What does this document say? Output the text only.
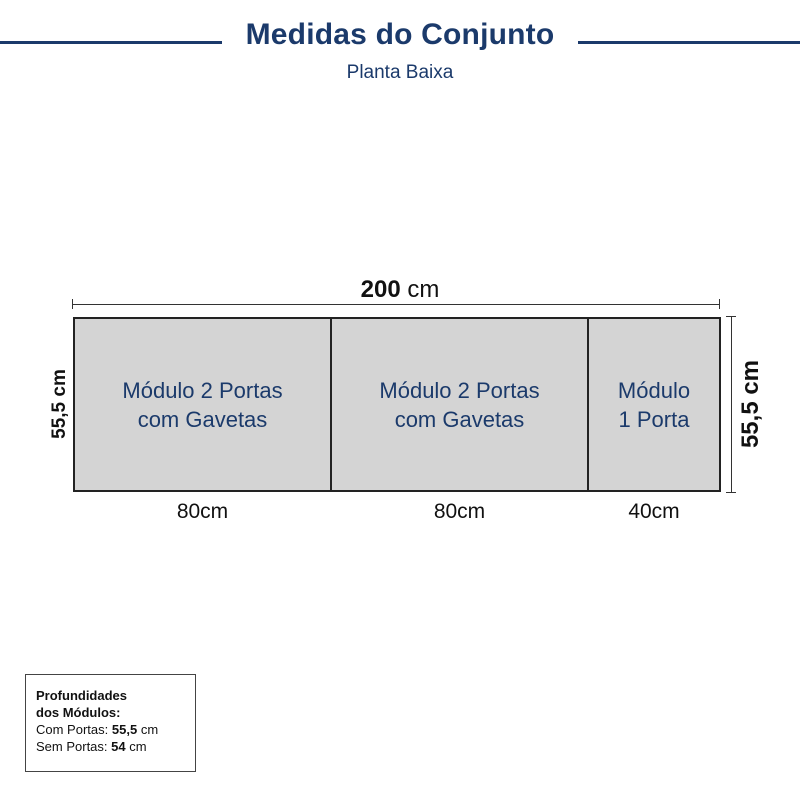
Medidas do Conjunto
Planta Baixa
200 cm
Módulo 2 Portas
com Gavetas
Módulo 2 Portas
com Gavetas
Módulo
1 Porta
80cm	80cm	40cm
55,5 cm	55,5 cm
Profundidades
dos Módulos:
Com Portas: 55,5 cm
Sem Portas: 54 cm
